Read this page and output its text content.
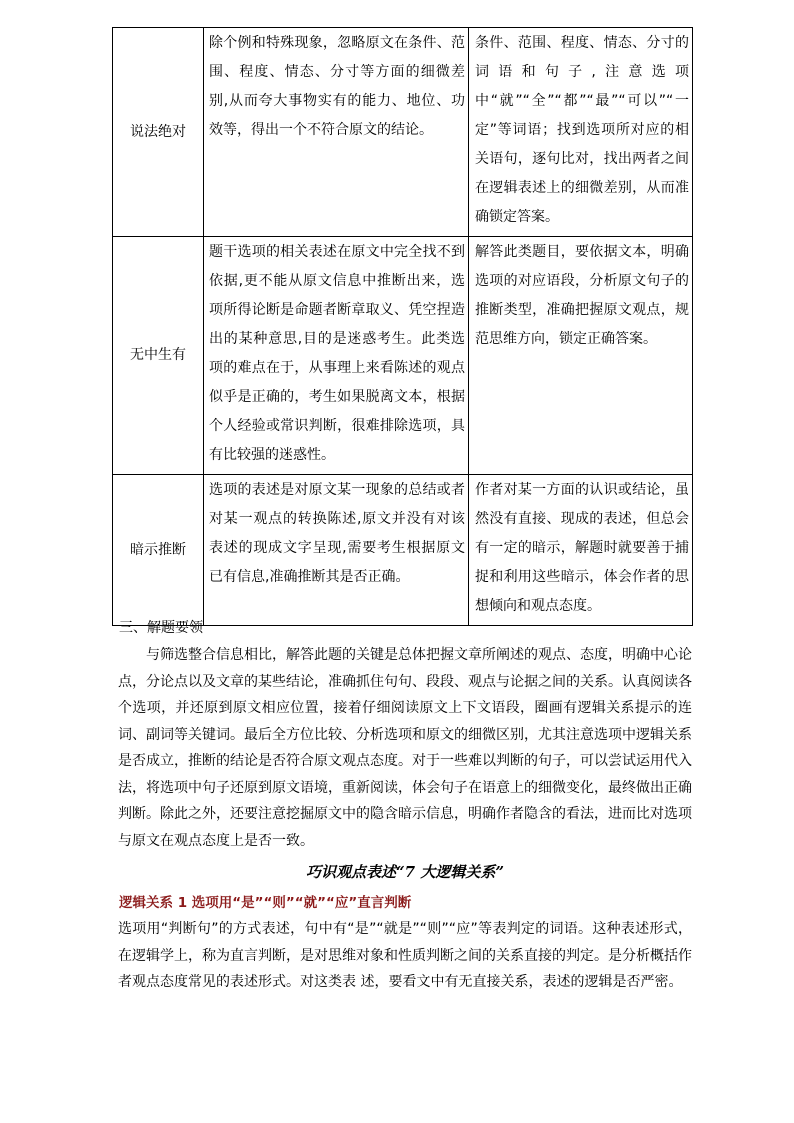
说法绝对	除个例和特殊现象，忽略原文在条件、范围、程度、情态、分寸等方面的细微差别,从而夸大事物实有的能力、地位、功效等，得出一个不符合原文的结论。	条件、范围、程度、情态、分寸的词语和句子,注意选项中“就”“全”“都”“最”“可以”“一定”等词语；找到选项所对应的相关语句，逐句比对，找出两者之间在逻辑表述上的细微差别，从而准确锁定答案。
无中生有	题干选项的相关表述在原文中完全找不到依据,更不能从原文信息中推断出来，选项所得论断是命题者断章取义、凭空捏造出的某种意思,目的是迷惑考生。此类选项的难点在于，从事理上来看陈述的观点似乎是正确的，考生如果脱离文本，根据个人经验或常识判断，很难排除选项，具有比较强的迷惑性。	解答此类题目，要依据文本，明确选项的对应语段，分析原文句子的推断类型，准确把握原文观点，规范思维方向，锁定正确答案。
暗示推断	选项的表述是对原文某一现象的总结或者对某一观点的转换陈述,原文并没有对该表述的现成文字呈现,需要考生根据原文已有信息,准确推断其是否正确。	作者对某一方面的认识或结论，虽然没有直接、现成的表述，但总会有一定的暗示，解题时就要善于捕捉和利用这些暗示，体会作者的思想倾向和观点态度。

三、解题要领

与筛选整合信息相比，解答此题的关键是总体把握文章所阐述的观点、态度，明确中心论点，分论点以及文章的某些结论，准确抓住句句、段段、观点与论据之间的关系。认真阅读各个选项，并还原到原文相应位置，接着仔细阅读原文上下文语段，圈画有逻辑关系提示的连词、副词等关键词。最后全方位比较、分析选项和原文的细微区别，尤其注意选项中逻辑关系是否成立，推断的结论是否符合原文观点态度。对于一些难以判断的句子，可以尝试运用代入法，将选项中句子还原到原文语境，重新阅读，体会句子在语意上的细微变化，最终做出正确判断。除此之外，还要注意挖掘原文中的隐含暗示信息，明确作者隐含的看法，进而比对选项与原文在观点态度上是否一致。

巧识观点表述“7 大逻辑关系”

逻辑关系 1 选项用“是”“则”“就”“应”直言判断

选项用“判断句”的方式表述，句中有“是”“就是”“则”“应”等表判定的词语。这种表述形式，在逻辑学上，称为直言判断，是对思维对象和性质判断之间的关系直接的判定。是分析概括作者观点态度常见的表述形式。对这类表 述，要看文中有无直接关系，表述的逻辑是否严密。
